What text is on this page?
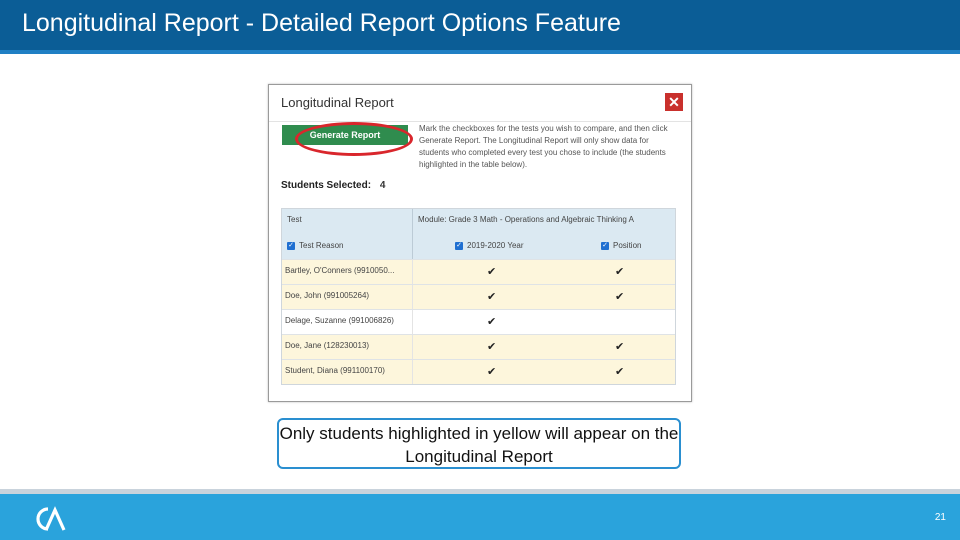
Longitudinal Report - Detailed Report Options Feature
Longitudinal Report	✕
Generate Report
Mark the checkboxes for the tests you wish to compare, and then click Generate Report. The Longitudinal Report will only show data for students who completed every test you chose to include (the students highlighted in the table below).
Students Selected: 4
Test	Module: Grade 3 Math - Operations and Algebraic Thinking A
✓ Test Reason	✓ 2019-2020 Year	✓ Position
Bartley, O'Conners (9910050...	✔	✔
Doe, John (991005264)	✔	✔
Delage, Suzanne (991006826)	✔
Doe, Jane (128230013)	✔	✔
Student, Diana (991100170)	✔	✔
Only students highlighted in yellow will appear on the Longitudinal Report
21
